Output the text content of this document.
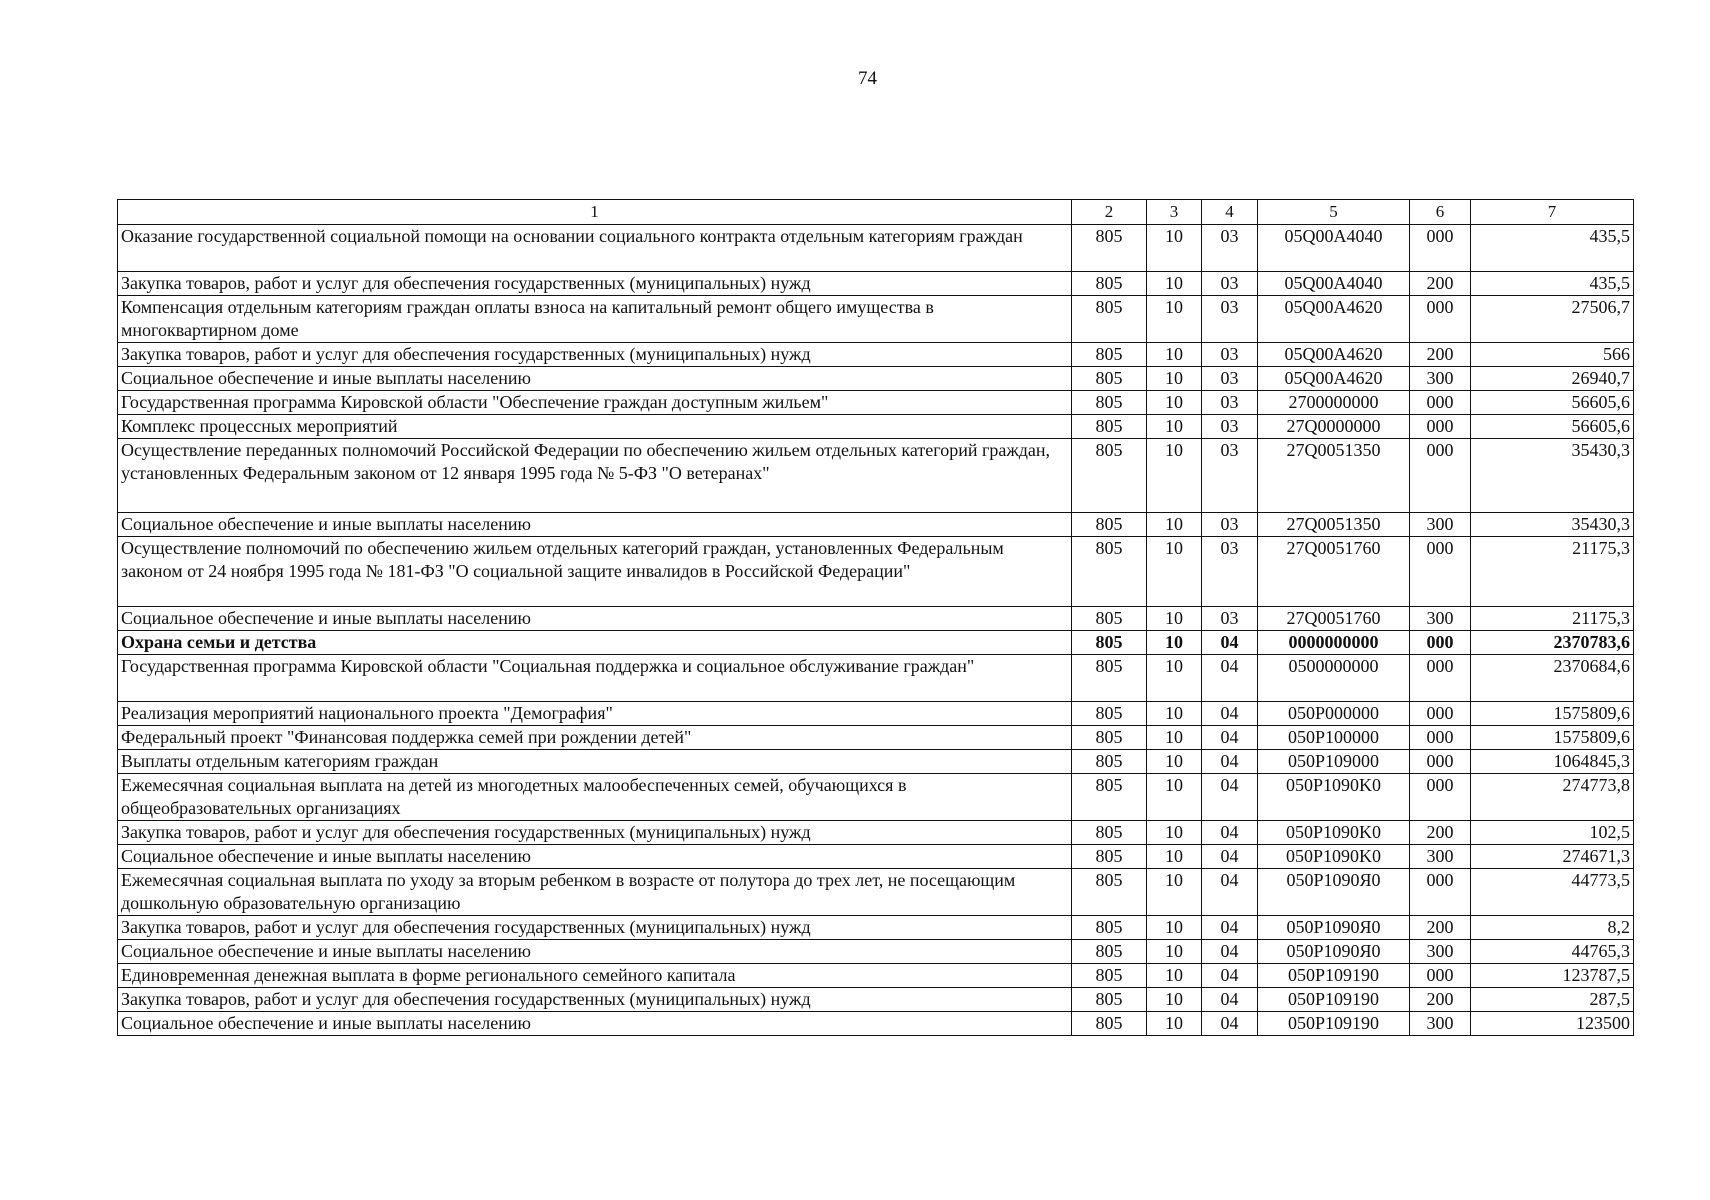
74
1	2	3	4	5	6	7
Оказание государственной социальной помощи на основании социального контракта отдельным категориям граждан	805	10	03	05Q00A4040	000	435,5
Закупка товаров, работ и услуг для обеспечения государственных (муниципальных) нужд	805	10	03	05Q00A4040	200	435,5
Компенсация отдельным категориям граждан оплаты взноса на капитальный ремонт общего имущества в многоквартирном доме	805	10	03	05Q00A4620	000	27506,7
Закупка товаров, работ и услуг для обеспечения государственных (муниципальных) нужд	805	10	03	05Q00A4620	200	566
Социальное обеспечение и иные выплаты населению	805	10	03	05Q00A4620	300	26940,7
Государственная программа Кировской области "Обеспечение граждан доступным жильем"	805	10	03	2700000000	000	56605,6
Комплекс процессных мероприятий	805	10	03	27Q0000000	000	56605,6
Осуществление переданных полномочий Российской Федерации по обеспечению жильем отдельных категорий граждан, установленных Федеральным законом от 12 января 1995 года № 5-ФЗ "О ветеранах"	805	10	03	27Q0051350	000	35430,3
Социальное обеспечение и иные выплаты населению	805	10	03	27Q0051350	300	35430,3
Осуществление полномочий по обеспечению жильем отдельных категорий граждан, установленных Федеральным законом от 24 ноября 1995 года № 181-ФЗ "О социальной защите инвалидов в Российской Федерации"	805	10	03	27Q0051760	000	21175,3
Социальное обеспечение и иные выплаты населению	805	10	03	27Q0051760	300	21175,3
Охрана семьи и детства	805	10	04	0000000000	000	2370783,6
Государственная программа Кировской области "Социальная поддержка и социальное обслуживание граждан"	805	10	04	0500000000	000	2370684,6
Реализация мероприятий национального проекта "Демография"	805	10	04	050P000000	000	1575809,6
Федеральный проект "Финансовая поддержка семей при рождении детей"	805	10	04	050P100000	000	1575809,6
Выплаты отдельным категориям граждан	805	10	04	050P109000	000	1064845,3
Ежемесячная социальная выплата на детей из многодетных малообеспеченных семей, обучающихся в общеобразовательных организациях	805	10	04	050P1090K0	000	274773,8
Закупка товаров, работ и услуг для обеспечения государственных (муниципальных) нужд	805	10	04	050P1090K0	200	102,5
Социальное обеспечение и иные выплаты населению	805	10	04	050P1090K0	300	274671,3
Ежемесячная социальная выплата по уходу за вторым ребенком в возрасте от полутора до трех лет, не посещающим дошкольную образовательную организацию	805	10	04	050P1090Я0	000	44773,5
Закупка товаров, работ и услуг для обеспечения государственных (муниципальных) нужд	805	10	04	050P1090Я0	200	8,2
Социальное обеспечение и иные выплаты населению	805	10	04	050P1090Я0	300	44765,3
Единовременная денежная выплата в форме регионального семейного капитала	805	10	04	050P109190	000	123787,5
Закупка товаров, работ и услуг для обеспечения государственных (муниципальных) нужд	805	10	04	050P109190	200	287,5
Социальное обеспечение и иные выплаты населению	805	10	04	050P109190	300	123500
